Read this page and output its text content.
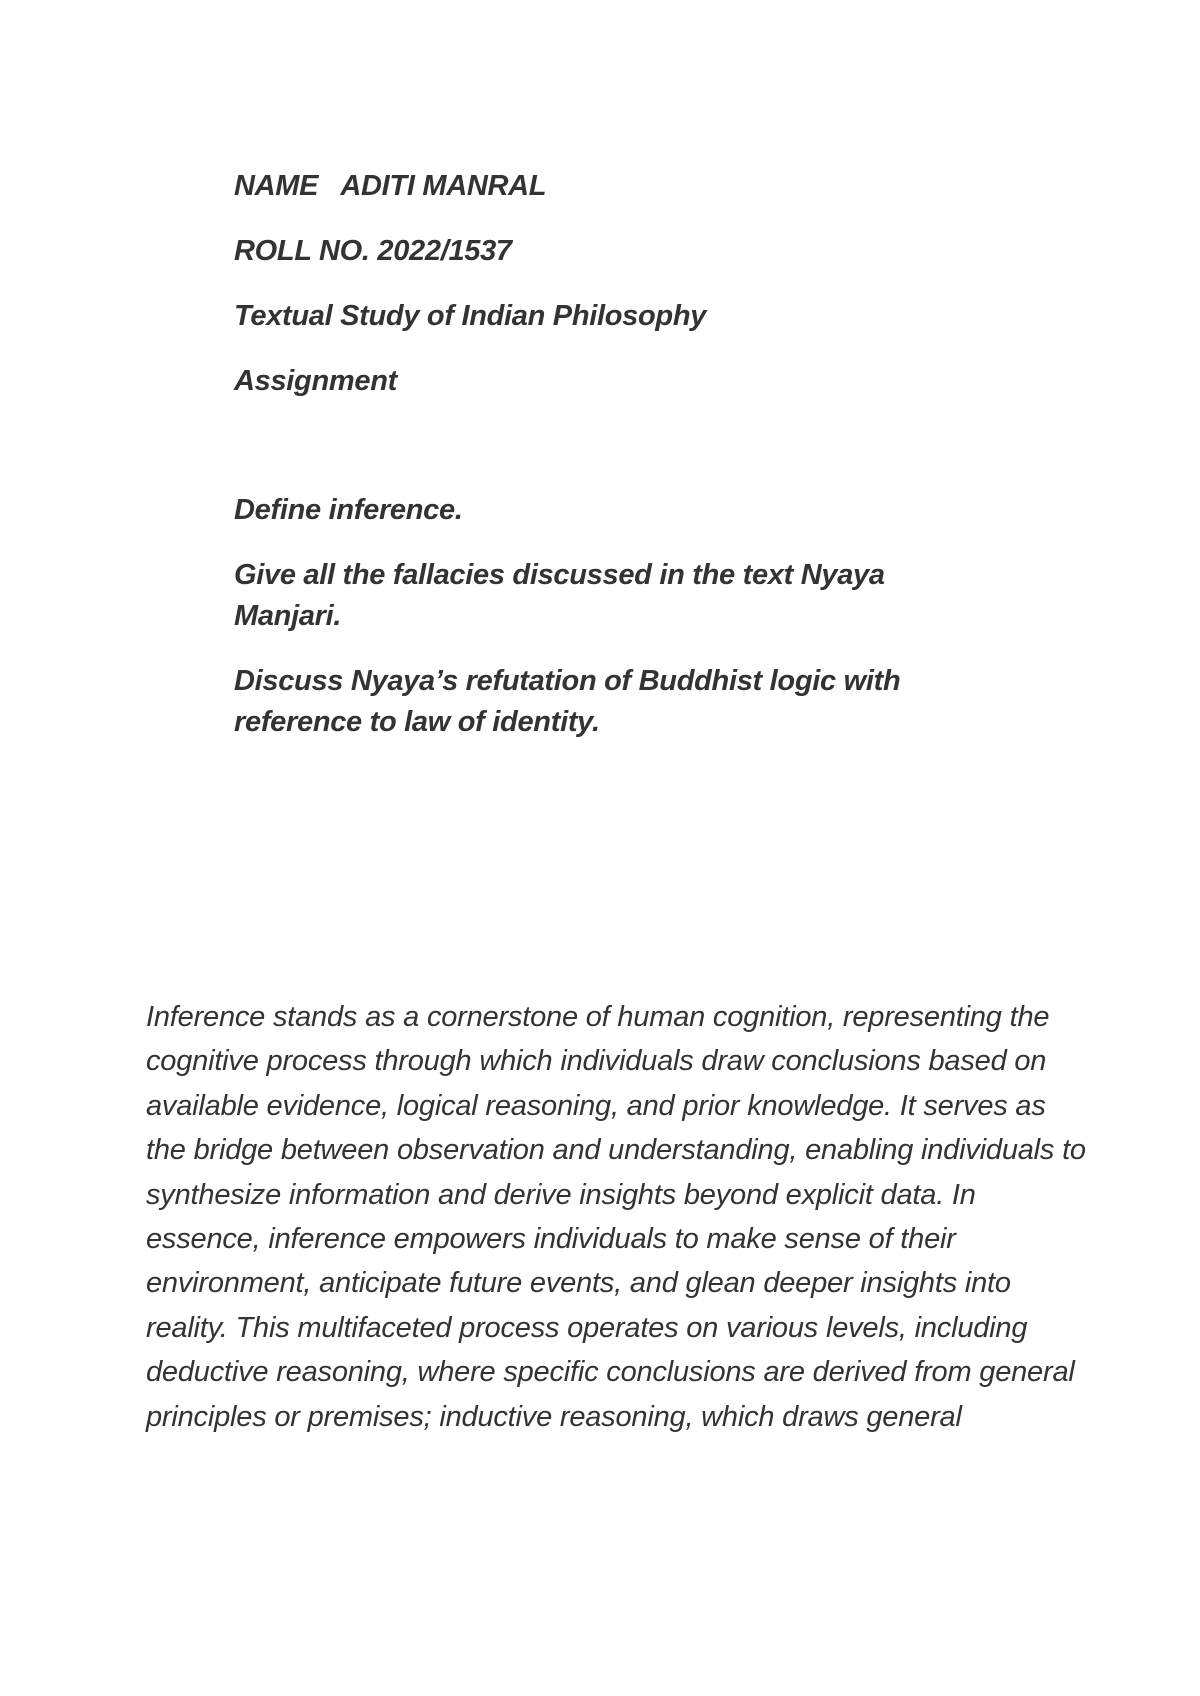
NAME   ADITI MANRAL

ROLL NO. 2022/1537

Textual Study of Indian Philosophy

Assignment

Define inference.

Give all the fallacies discussed in the text Nyaya Manjari.

Discuss Nyaya’s refutation of Buddhist logic with reference to law of identity.

Inference stands as a cornerstone of human cognition, representing the cognitive process through which individuals draw conclusions based on available evidence, logical reasoning, and prior knowledge. It serves as the bridge between observation and understanding, enabling individuals to synthesize information and derive insights beyond explicit data. In essence, inference empowers individuals to make sense of their environment, anticipate future events, and glean deeper insights into reality. This multifaceted process operates on various levels, including deductive reasoning, where specific conclusions are derived from general principles or premises; inductive reasoning, which draws general
